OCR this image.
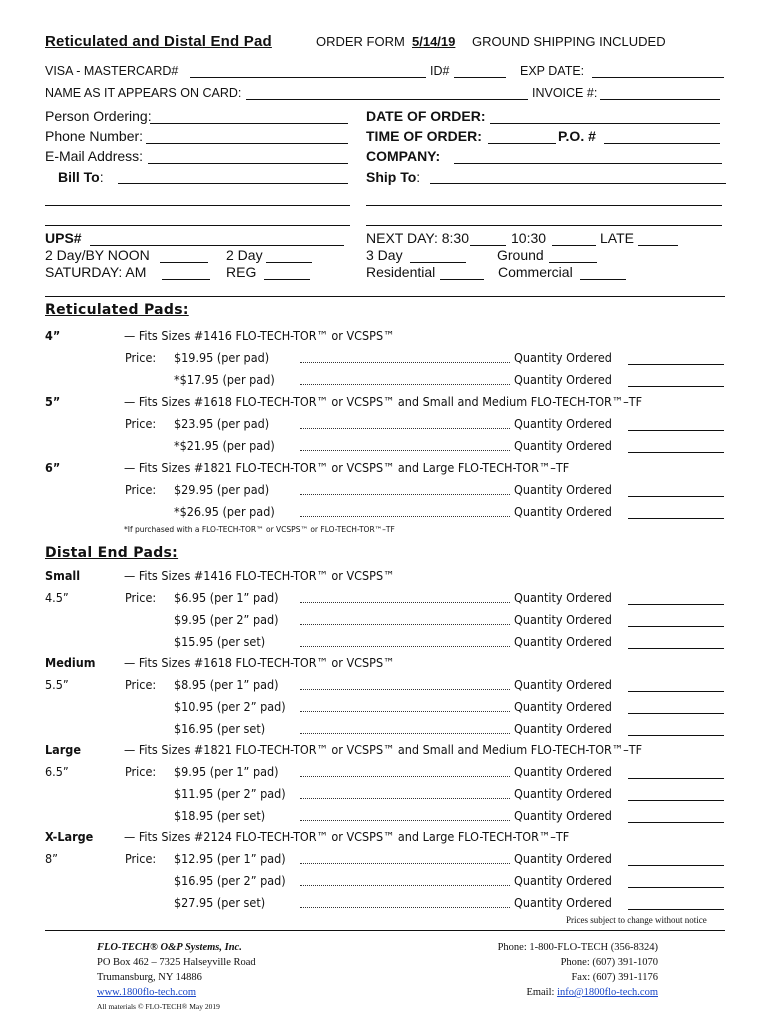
Reticulated and Distal End Pad	ORDER FORM 5/14/19 GROUND SHIPPING INCLUDED
VISA - MASTERCARD#	ID#	EXP DATE:
NAME AS IT APPEARS ON CARD:	INVOICE #:
Person Ordering:
Phone Number:
E-Mail Address:
Bill To:
DATE OF ORDER:
TIME OF ORDER:	P.O. #
COMPANY:
Ship To:
UPS#
2 Day/BY NOON	2 Day
SATURDAY: AM	REG
NEXT DAY: 8:30	10:30	LATE
3 Day	Ground
Residential	Commercial
Reticulated Pads:
4”	— Fits Sizes #1416 FLO-TECH-TOR™ or VCSPS™
Price: $19.95 (per pad)	Quantity Ordered
*$17.95 (per pad)	Quantity Ordered
5”	— Fits Sizes #1618 FLO-TECH-TOR™ or VCSPS™ and Small and Medium FLO-TECH-TOR™–TF
Price: $23.95 (per pad)	Quantity Ordered
*$21.95 (per pad)	Quantity Ordered
6”	— Fits Sizes #1821 FLO-TECH-TOR™ or VCSPS™ and Large FLO-TECH-TOR™–TF
Price: $29.95 (per pad)	Quantity Ordered
*$26.95 (per pad)	Quantity Ordered
*If purchased with a FLO-TECH-TOR™ or VCSPS™ or FLO-TECH-TOR™–TF
Distal End Pads:
Small	— Fits Sizes #1416 FLO-TECH-TOR™ or VCSPS™
4.5”	Price: $6.95 (per 1” pad)	Quantity Ordered
$9.95 (per 2” pad)	Quantity Ordered
$15.95 (per set)	Quantity Ordered
Medium — Fits Sizes #1618 FLO-TECH-TOR™ or VCSPS™
5.5”	Price: $8.95 (per 1” pad)	Quantity Ordered
$10.95 (per 2” pad)	Quantity Ordered
$16.95 (per set)	Quantity Ordered
Large	— Fits Sizes #1821 FLO-TECH-TOR™ or VCSPS™ and Small and Medium FLO-TECH-TOR™–TF
6.5”	Price: $9.95 (per 1” pad)	Quantity Ordered
$11.95 (per 2” pad)	Quantity Ordered
$18.95 (per set)	Quantity Ordered
X-Large — Fits Sizes #2124 FLO-TECH-TOR™ or VCSPS™ and Large FLO-TECH-TOR™–TF
8”	Price: $12.95 (per 1” pad)	Quantity Ordered
$16.95 (per 2” pad)	Quantity Ordered
$27.95 (per set)	Quantity Ordered
Prices subject to change without notice
FLO-TECH® O&P Systems, Inc.
PO Box 462 – 7325 Halseyville Road
Trumansburg, NY 14886
www.1800flo-tech.com
All materials © FLO-TECH® May 2019
Phone: 1-800-FLO-TECH (356-8324)
Phone: (607) 391-1070
Fax: (607) 391-1176
Email: info@1800flo-tech.com
